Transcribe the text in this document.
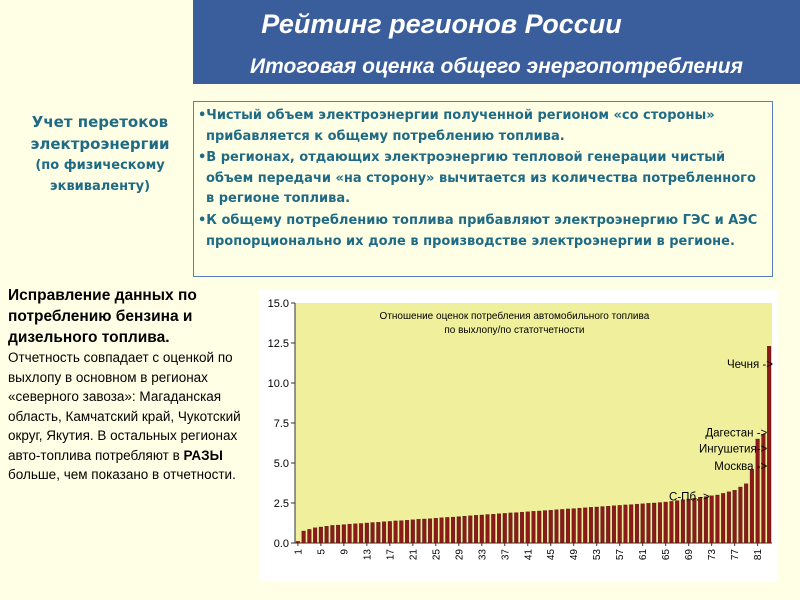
Рейтинг регионов России
Итоговая оценка общего энергопотребления
Учет перетоков
электроэнергии
(по физическому
эквиваленту)
•Чистый объем электроэнергии полученной регионом «со стороны» прибавляется к общему потреблению топлива.
•В регионах, отдающих электроэнергию тепловой генерации чистый объем передачи «на сторону» вычитается из количества потребленного в регионе топлива.
•К общему потреблению топлива прибавляют электроэнергию ГЭС и АЭС пропорционально их доле в производстве электроэнергии в регионе.
Исправление данных по потреблению бензина и дизельного топлива.
Отчетность совпадает с оценкой по выхлопу в основном в регионах «северного завоза»: Магаданская область, Камчатский край, Чукотский округ, Якутия. В остальных регионах авто-топлива потребляют в РАЗЫ больше, чем показано в отчетности.
0.0
2.5
5.0
7.5
10.0
12.5
15.0
1 5 9 13 17 21 25 29 33 37 41 45 49 53 57 61 65 69 73 77 81
Отношение оценок потребления автомобильного топлива
по выхлопу/по статотчетности
Чечня ->
Дагестан ->
Ингушетия->
Москва ->
С-Пб.->
